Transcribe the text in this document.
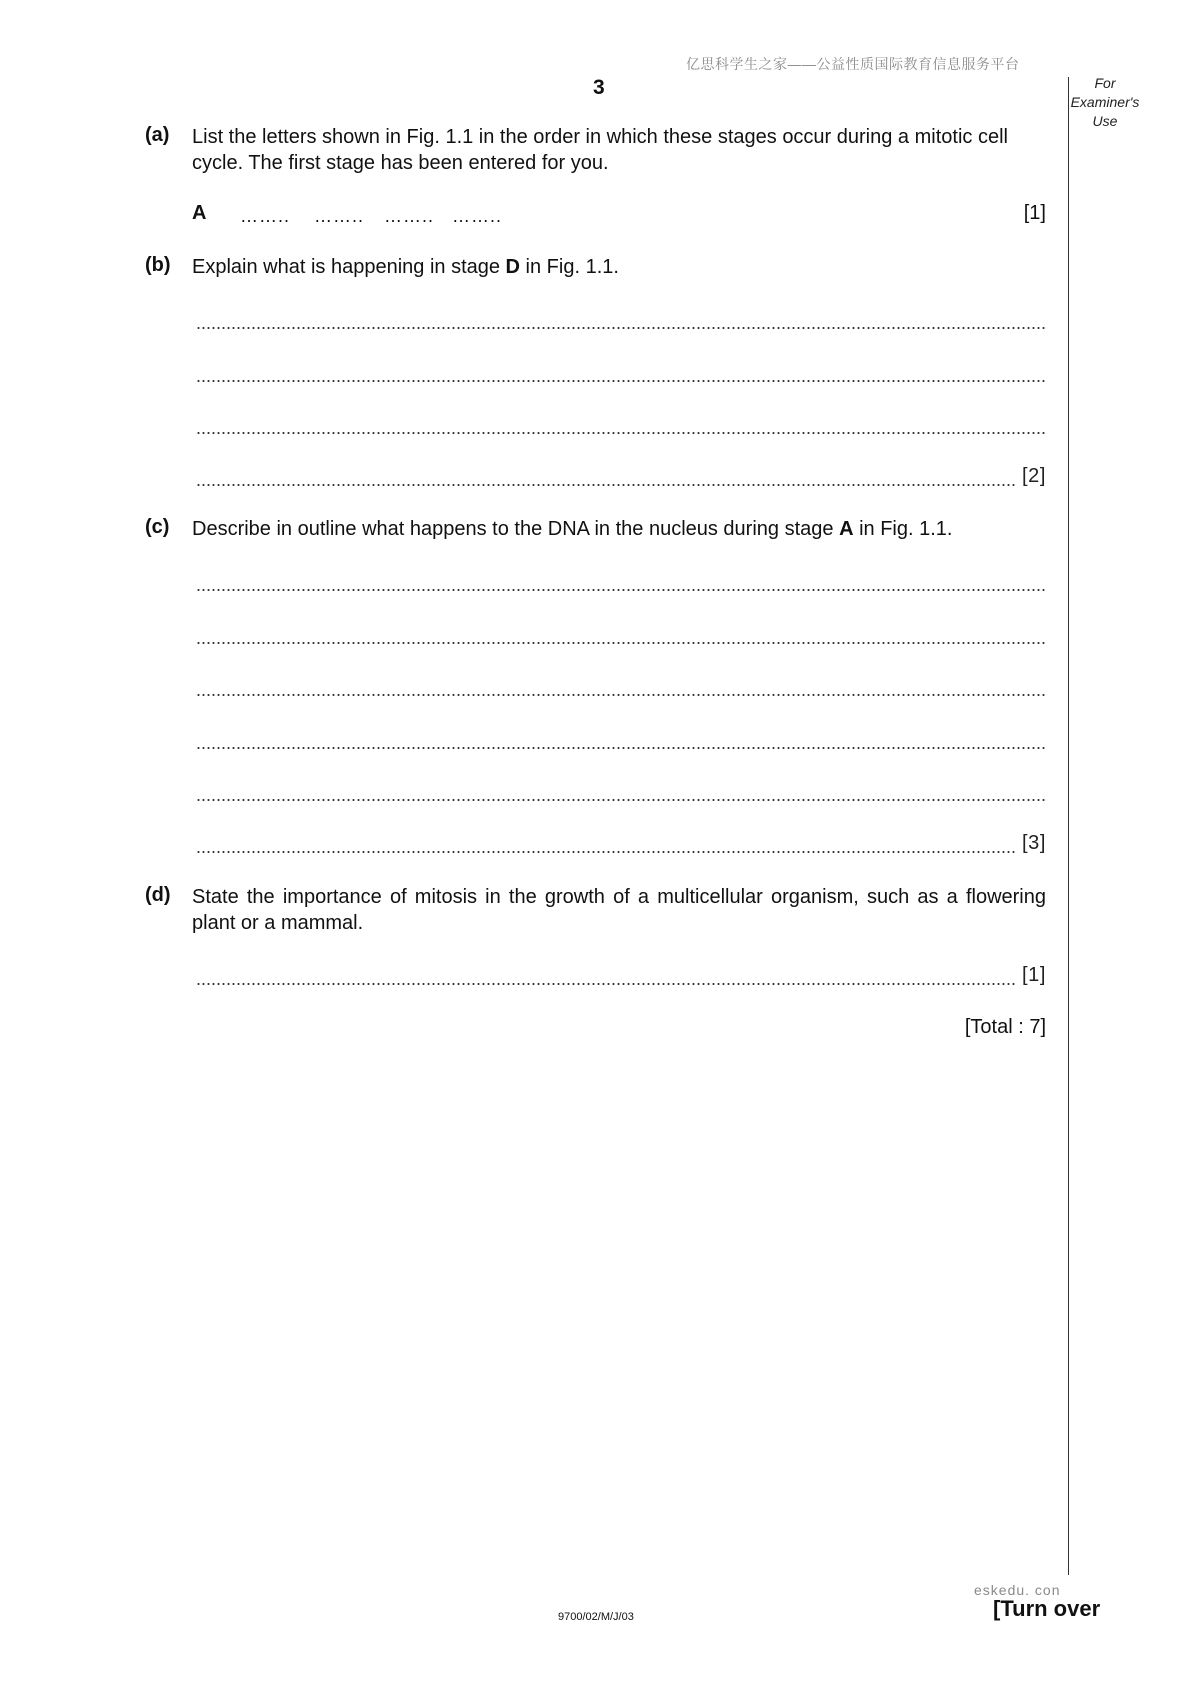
亿思科学生之家——公益性质国际教育信息服务平台
3	For
Examiner's
Use
(a) List the letters shown in Fig. 1.1 in the order in which these stages occur during a mitotic cell cycle. The first stage has been entered for you.
A …….. …….. …….. ……..	[1]
(b) Explain what is happening in stage D in Fig. 1.1.
[2]
(c) Describe in outline what happens to the DNA in the nucleus during stage A in Fig. 1.1.
[3]
(d) State the importance of mitosis in the growth of a multicellular organism, such as a flowering plant or a mammal.
[1]
[Total : 7]
9700/02/M/J/03
eskedu. con
[Turn over
